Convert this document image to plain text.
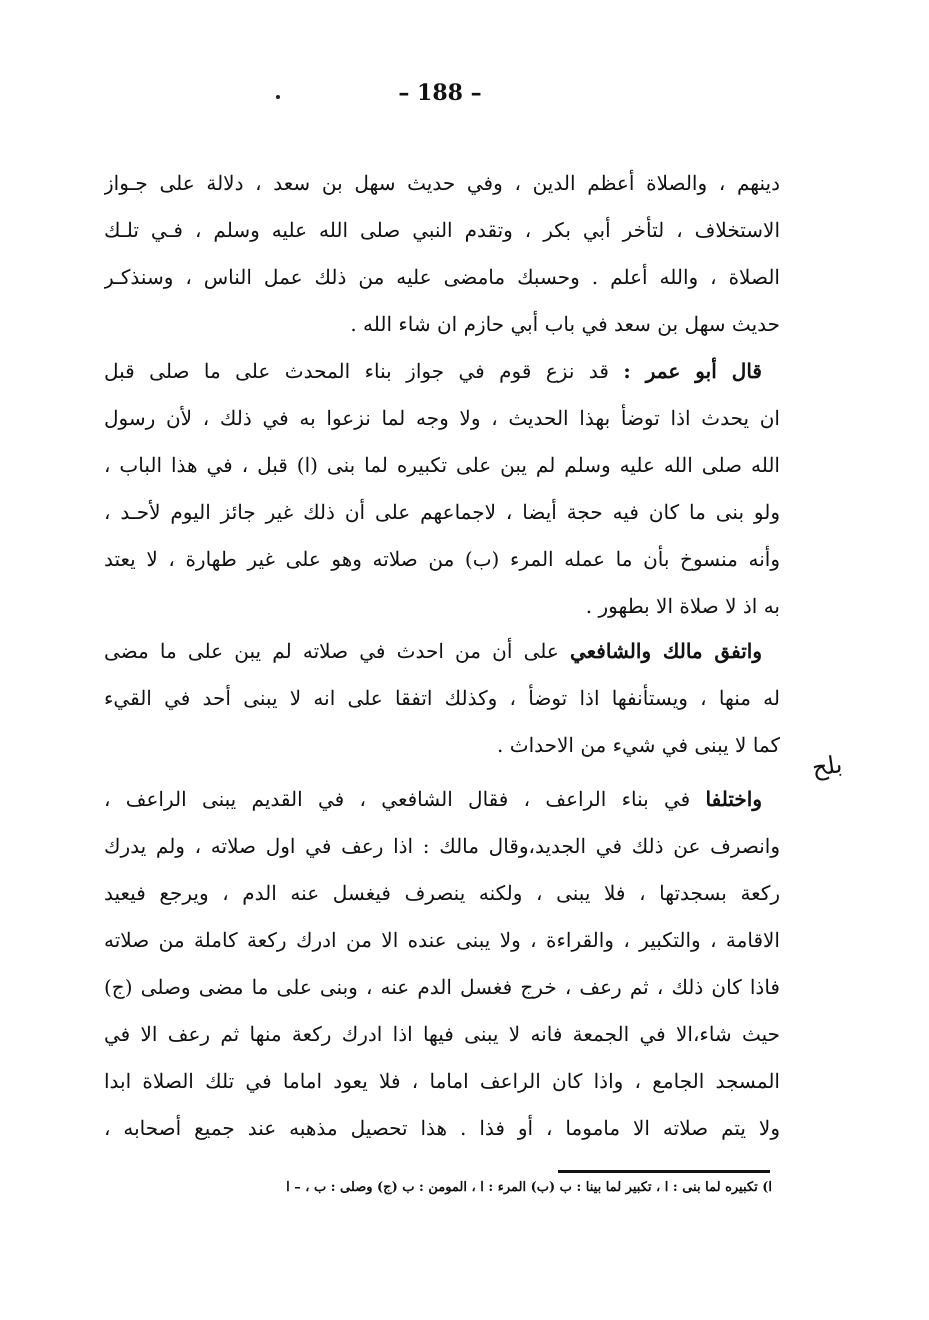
– 188 –
دينهم ، والصلاة أعظم الدين ، وفي حديث سهل بن سعد ، دلالة على جـواز
الاستخلاف ، لتأخر أبي بكر ، وتقدم النبي صلى الله عليه وسلم ، فـي تلـك
الصلاة ، والله أعلم . وحسبك مامضى عليه من ذلك عمل الناس ، وسنذكـر
حديث سهل بن سعد في باب أبي حازم ان شاء الله .
قال أبو عمر : قد نزع قوم في جواز بناء المحدث على ما صلى قبل
ان يحدث اذا توضأ بهذا الحديث ، ولا وجه لما نزعوا به في ذلك ، لأن رسول
الله صلى الله عليه وسلم لم يبن على تكبيره لما بنى (ا) قبل ، في هذا الباب ،
ولو بنى ما كان فيه حجة أيضا ، لاجماعهم على أن ذلك غير جائز اليوم لأحـد ،
وأنه منسوخ بأن ما عمله المرء (ب) من صلاته وهو على غير طهارة ، لا يعتد
به اذ لا صلاة الا بطهور .
واتفق مالك والشافعي على أن من احدث في صلاته لم يبن على ما مضى
له منها ، ويستأنفها اذا توضأ ، وكذلك اتفقا على انه لا يبنى أحد في القيء
كما لا يبنى في شيء من الاحداث .
واختلفا في بناء الراعف ، فقال الشافعي ، في القديم يبنى الراعف ،
وانصرف عن ذلك في الجديد،وقال مالك : اذا رعف في اول صلاته ، ولم يدرك
ركعة بسجدتها ، فلا يبنى ، ولكنه ينصرف فيغسل عنه الدم ، ويرجع فيعيد
الاقامة ، والتكبير ، والقراءة ، ولا يبنى عنده الا من ادرك ركعة كاملة من صلاته
فاذا كان ذلك ، ثم رعف ، خرج فغسل الدم عنه ، وبنى على ما مضى وصلى (ج)
حيث شاء،الا في الجمعة فانه لا يبنى فيها اذا ادرك ركعة منها ثم رعف الا في
المسجد الجامع ، واذا كان الراعف اماما ، فلا يعود اماما في تلك الصلاة ابدا
ولا يتم صلاته الا ماموما ، أو فذا . هذا تحصيل مذهبه عند جميع أصحابه ،
بلح
ا) تكبيره لما بنى : ا ، تكبير لما بينا : ب (ب) المرء : ا ، المومن : ب (ج) وصلى : ب ، – ا
